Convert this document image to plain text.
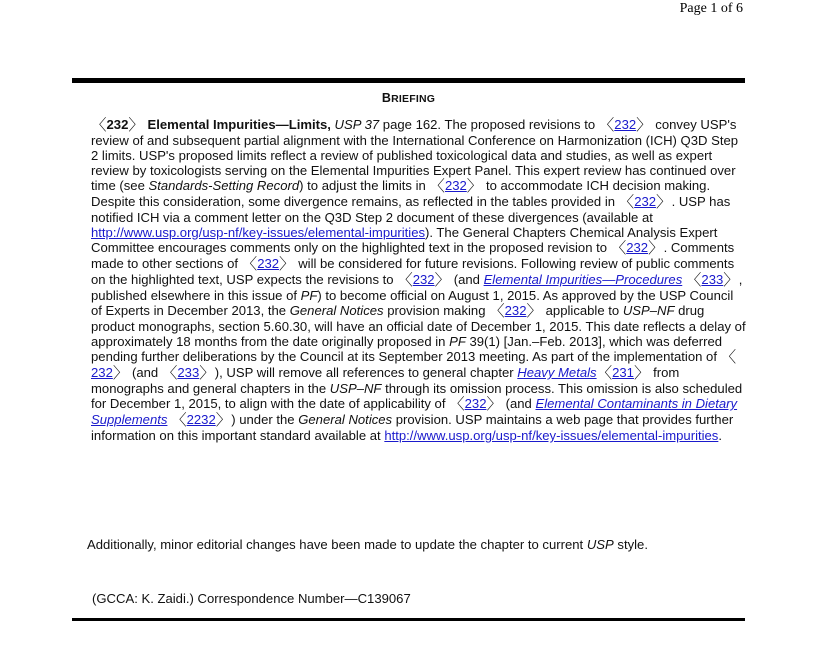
Page 1 of 6
BRIEFING

〈232〉 Elemental Impurities—Limits, USP 37 page 162. The proposed revisions to 〈232〉 convey USP's review of and subsequent partial alignment with the International Conference on Harmonization (ICH) Q3D Step 2 limits. USP's proposed limits reflect a review of published toxicological data and studies, as well as expert review by toxicologists serving on the Elemental Impurities Expert Panel. This expert review has continued over time (see Standards-Setting Record) to adjust the limits in 〈232〉 to accommodate ICH decision making. Despite this consideration, some divergence remains, as reflected in the tables provided in 〈232〉. USP has notified ICH via a comment letter on the Q3D Step 2 document of these divergences (available at http://www.usp.org/usp-nf/key-issues/elemental-impurities). The General Chapters Chemical Analysis Expert Committee encourages comments only on the highlighted text in the proposed revision to 〈232〉. Comments made to other sections of 〈232〉 will be considered for future revisions. Following review of public comments on the highlighted text, USP expects the revisions to 〈232〉 (and Elemental Impurities—Procedures 〈233〉, published elsewhere in this issue of PF) to become official on August 1, 2015. As approved by the USP Council of Experts in December 2013, the General Notices provision making 〈232〉 applicable to USP–NF drug product monographs, section 5.60.30, will have an official date of December 1, 2015. This date reflects a delay of approximately 18 months from the date originally proposed in PF 39(1) [Jan.–Feb. 2013], which was deferred pending further deliberations by the Council at its September 2013 meeting. As part of the implementation of 〈232〉 (and 〈233〉), USP will remove all references to general chapter Heavy Metals〈231〉 from monographs and general chapters in the USP–NF through its omission process. This omission is also scheduled for December 1, 2015, to align with the date of applicability of 〈232〉 (and Elemental Contaminants in Dietary Supplements 〈2232〉) under the General Notices provision. USP maintains a web page that provides further information on this important standard available at http://www.usp.org/usp-nf/key-issues/elemental-impurities.

Additionally, minor editorial changes have been made to update the chapter to current USP style.

(GCCA: K. Zaidi.) Correspondence Number—C139067
